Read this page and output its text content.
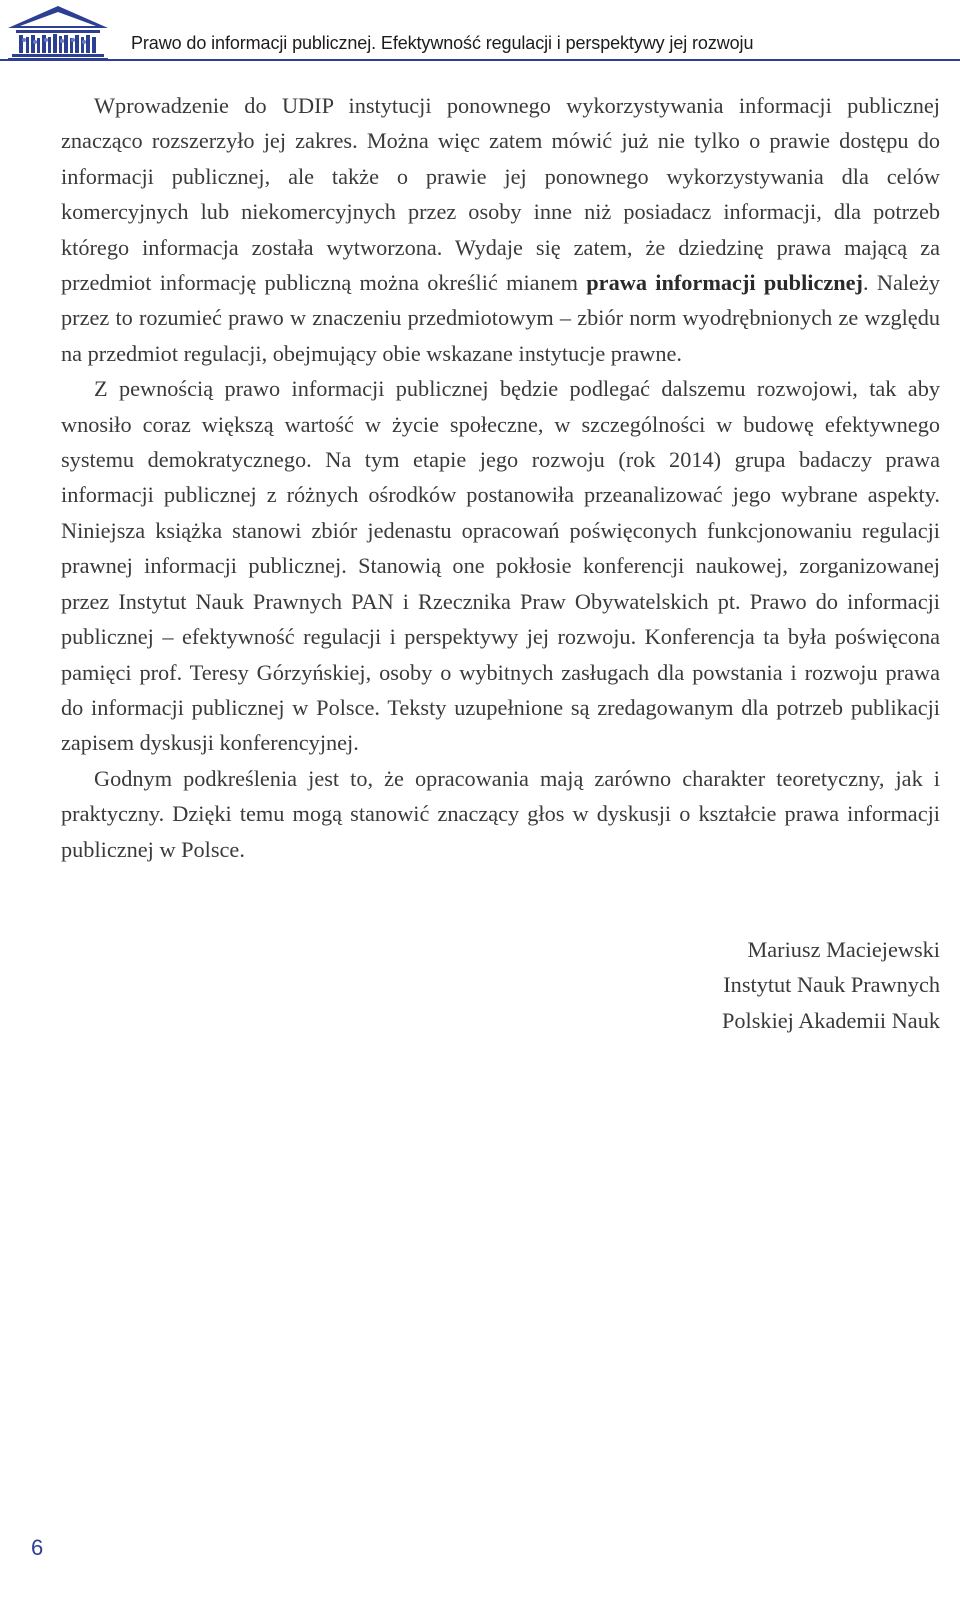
Prawo do informacji publicznej. Efektywność regulacji i perspektywy jej rozwoju

Wprowadzenie do UDIP instytucji ponownego wykorzystywania informacji publicznej znacząco rozszerzyło jej zakres. Można więc zatem mówić już nie tylko o prawie dostępu do informacji publicznej, ale także o prawie jej ponownego wykorzystywania dla celów komercyjnych lub niekomercyjnych przez osoby inne niż posiadacz informacji, dla potrzeb którego informacja została wytworzona. Wydaje się zatem, że dziedzinę prawa mającą za przedmiot informację publiczną można określić mianem prawa informacji publicznej. Należy przez to rozumieć prawo w znaczeniu przedmiotowym – zbiór norm wyodrębnionych ze względu na przedmiot regulacji, obejmujący obie wskazane instytucje prawne.

Z pewnością prawo informacji publicznej będzie podlegać dalszemu rozwojowi, tak aby wnosiło coraz większą wartość w życie społeczne, w szczególności w budowę efektywnego systemu demokratycznego. Na tym etapie jego rozwoju (rok 2014) grupa badaczy prawa informacji publicznej z różnych ośrodków postanowiła przeanalizować jego wybrane aspekty. Niniejsza książka stanowi zbiór jedenastu opracowań poświęconych funkcjonowaniu regulacji prawnej informacji publicznej. Stanowią one pokłosie konferencji naukowej, zorganizowanej przez Instytut Nauk Prawnych PAN i Rzecznika Praw Obywatelskich pt. Prawo do informacji publicznej – efektywność regulacji i perspektywy jej rozwoju. Konferencja ta była poświęcona pamięci prof. Teresy Górzyńskiej, osoby o wybitnych zasługach dla powstania i rozwoju prawa do informacji publicznej w Polsce. Teksty uzupełnione są zredagowanym dla potrzeb publikacji zapisem dyskusji konferencyjnej.

Godnym podkreślenia jest to, że opracowania mają zarówno charakter teoretyczny, jak i praktyczny. Dzięki temu mogą stanowić znaczący głos w dyskusji o kształcie prawa informacji publicznej w Polsce.

Mariusz Maciejewski
Instytut Nauk Prawnych
Polskiej Akademii Nauk
6
